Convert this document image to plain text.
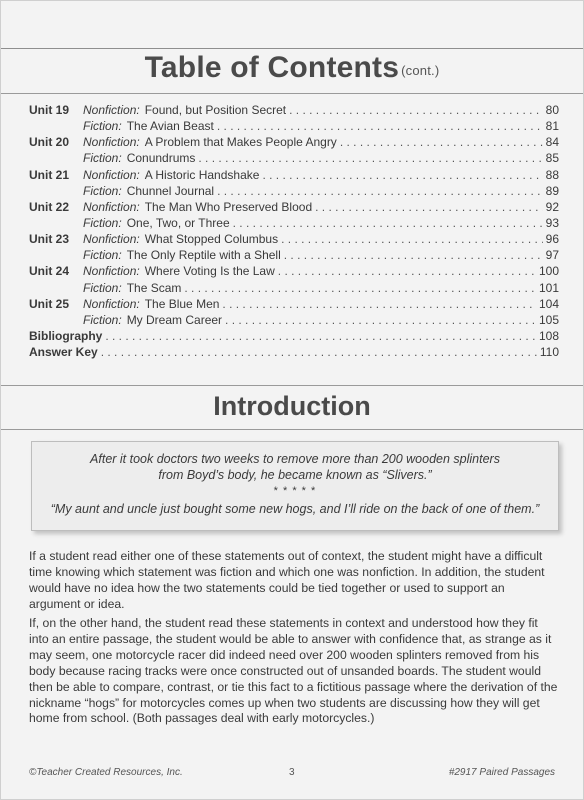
Table of Contents (cont.)
Unit 19 Nonfiction: Found, but Position Secret . . .	80
Fiction: The Avian Beast . . .	81
Unit 20 Nonfiction: A Problem that Makes People Angry . . .	84
Fiction: Conundrums . . .	85
Unit 21 Nonfiction: A Historic Handshake . . .	88
Fiction: Chunnel Journal . . .	89
Unit 22 Nonfiction: The Man Who Preserved Blood . . .	92
Fiction: One, Two, or Three . . .	93
Unit 23 Nonfiction: What Stopped Columbus . . .	96
Fiction: The Only Reptile with a Shell . . .	97
Unit 24 Nonfiction: Where Voting Is the Law . . .	100
Fiction: The Scam . . .	101
Unit 25 Nonfiction: The Blue Men . . .	104
Fiction: My Dream Career . . .	105
Bibliography . . .	108
Answer Key . . .	110
Introduction
After it took doctors two weeks to remove more than 200 wooden splinters
from Boyd’s body, he became known as “Slivers.”
* * * * *
“My aunt and uncle just bought some new hogs, and I’ll ride on the back of one of them.”
If a student read either one of these statements out of context, the student might have a difficult time knowing which statement was fiction and which one was nonfiction. In addition, the student would have no idea how the two statements could be tied together or used to support an argument or idea.
If, on the other hand, the student read these statements in context and understood how they fit into an entire passage, the student would be able to answer with confidence that, as strange as it may seem, one motorcycle racer did indeed need over 200 wooden splinters removed from his body because racing tracks were once constructed out of unsanded boards. The student would then be able to compare, contrast, or tie this fact to a fictitious passage where the derivation of the nickname “hogs” for motorcycles comes up when two students are discussing how they will get home from school. (Both passages deal with early motorcycles.)
©Teacher Created Resources, Inc.	3	#2917 Paired Passages
